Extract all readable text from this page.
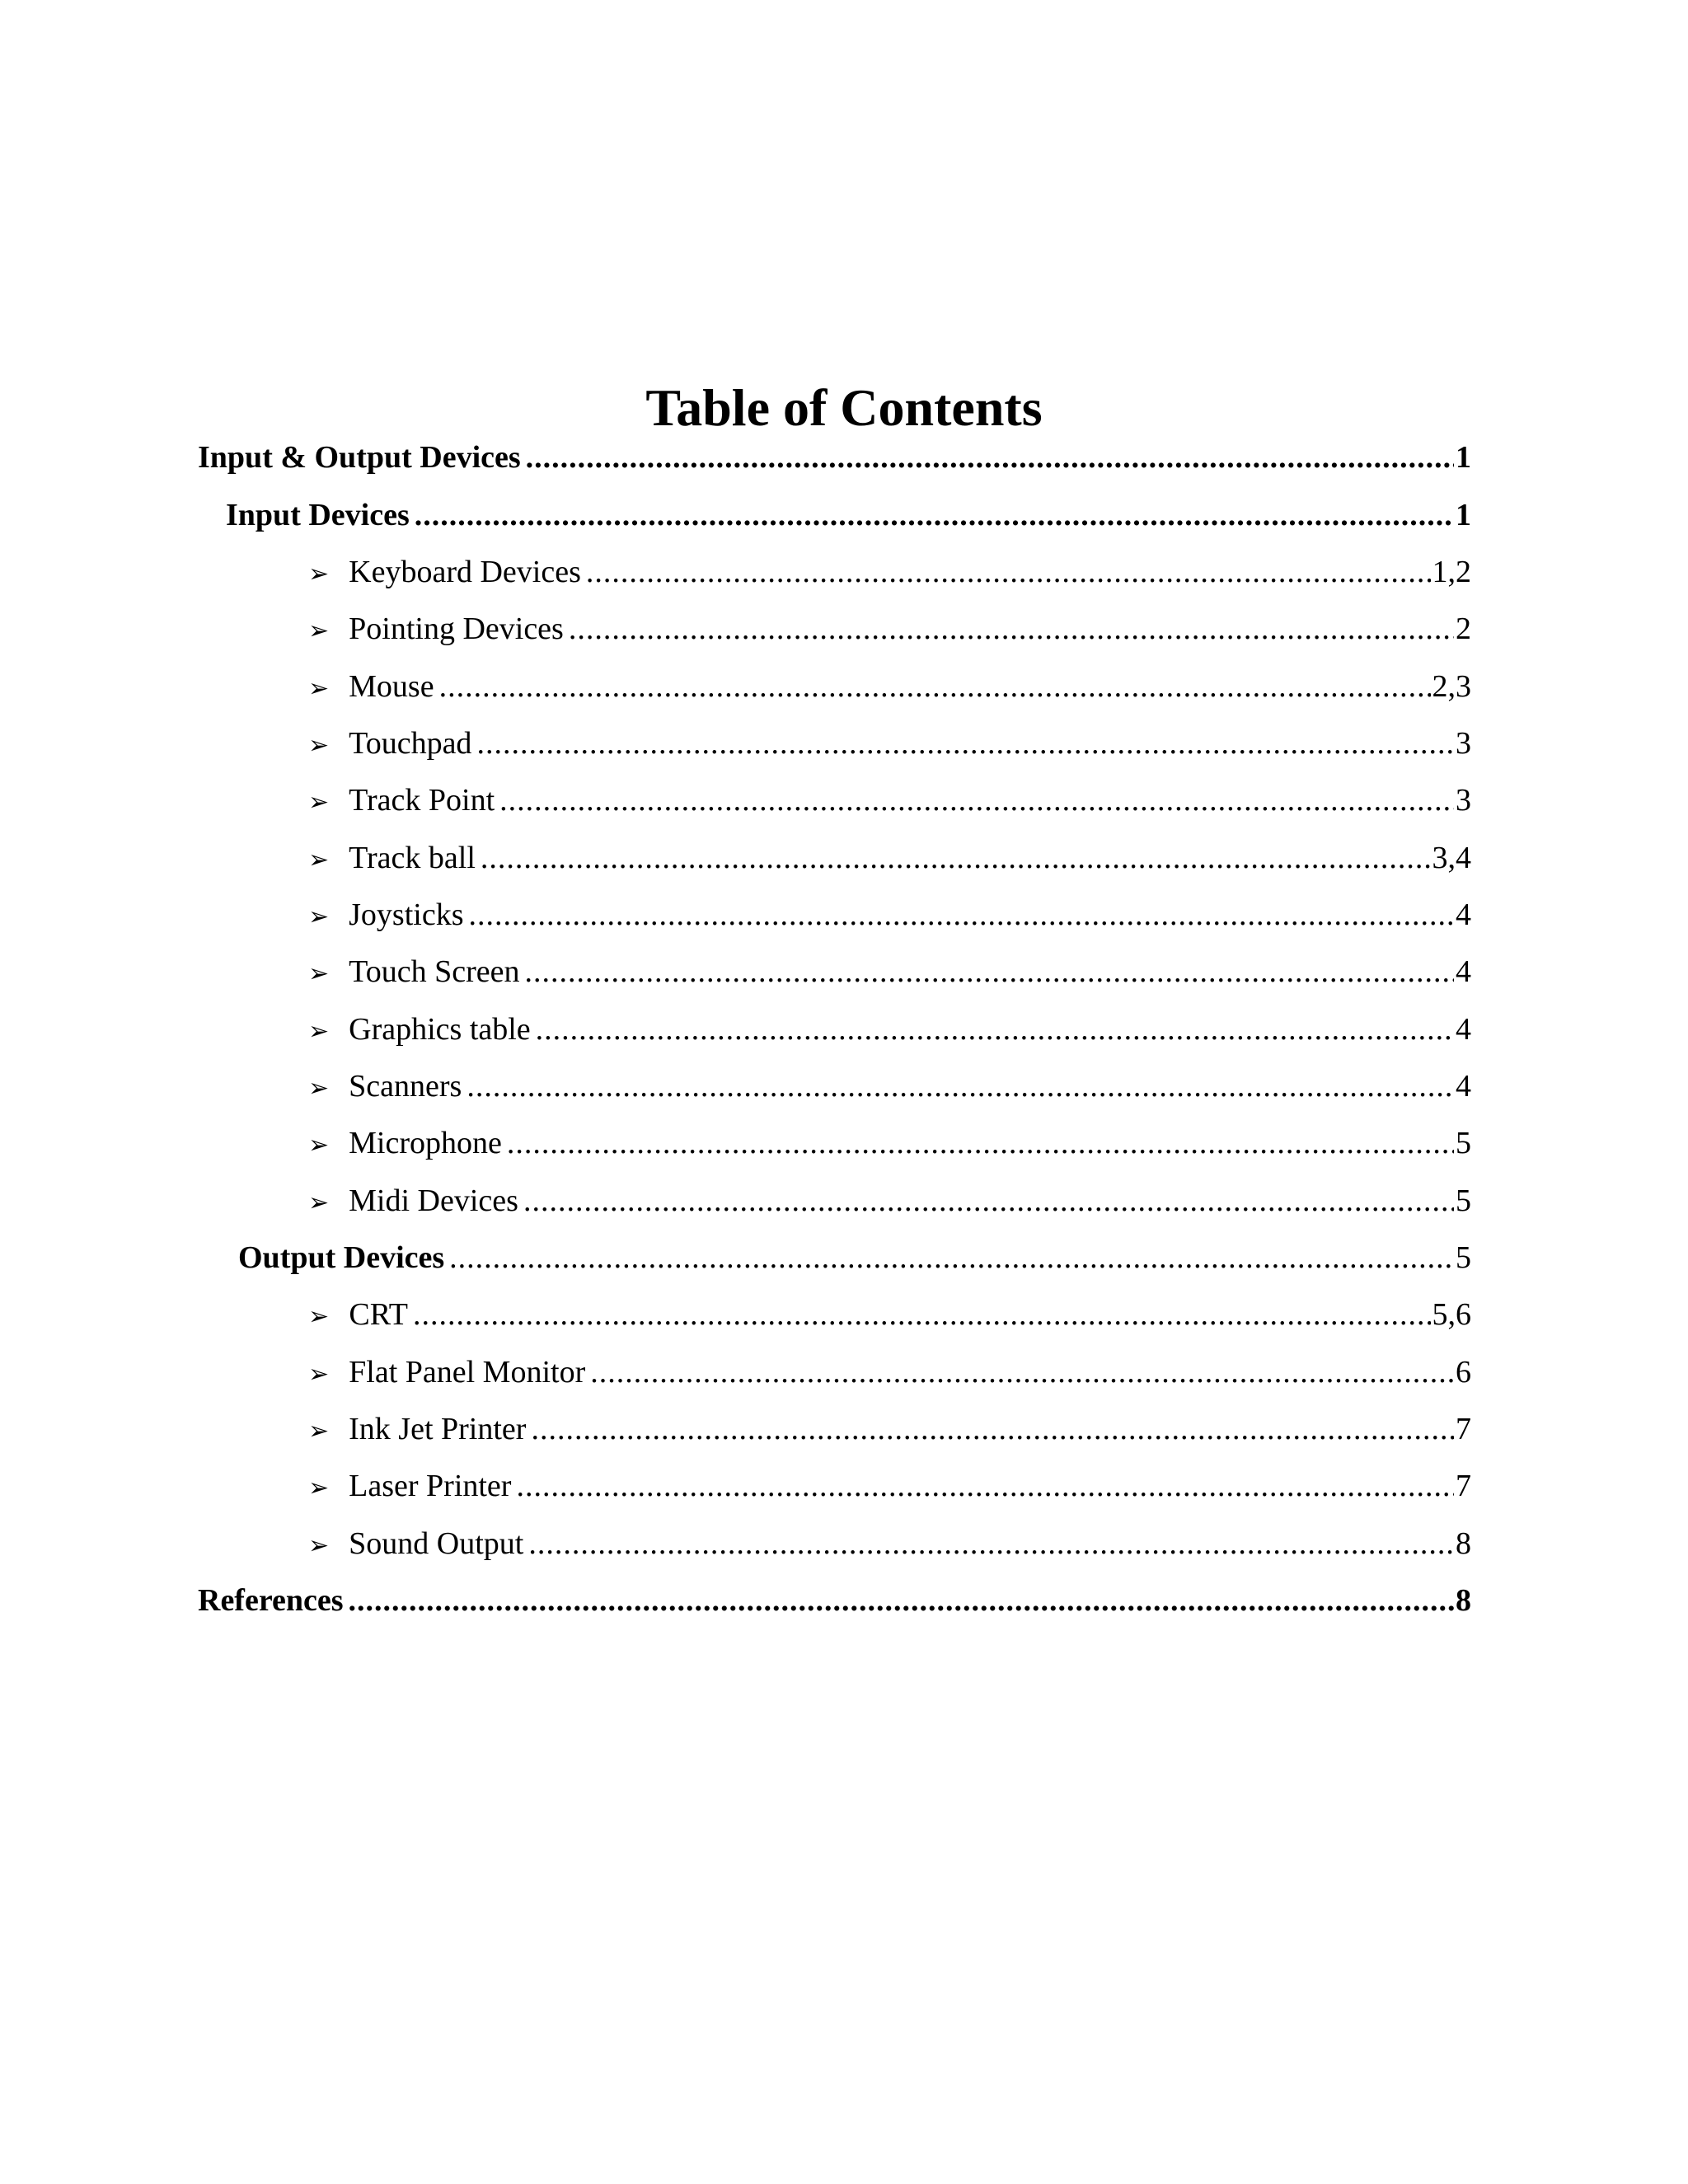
Table of Contents
Input & Output Devices .....	1
Input Devices .....	1
➢ Keyboard Devices .....	1,2
➢ Pointing Devices .....	2
➢ Mouse .....	2,3
➢ Touchpad .....	3
➢ Track Point .....	3
➢ Track ball .....	3,4
➢ Joysticks .....	4
➢ Touch Screen .....	4
➢ Graphics table .....	4
➢ Scanners .....	4
➢ Microphone .....	5
➢ Midi Devices .....	5
Output Devices .....	5
➢ CRT .....	5,6
➢ Flat Panel Monitor .....	6
➢ Ink Jet Printer .....	7
➢ Laser Printer .....	7
➢ Sound Output .....	8
References .....	8
